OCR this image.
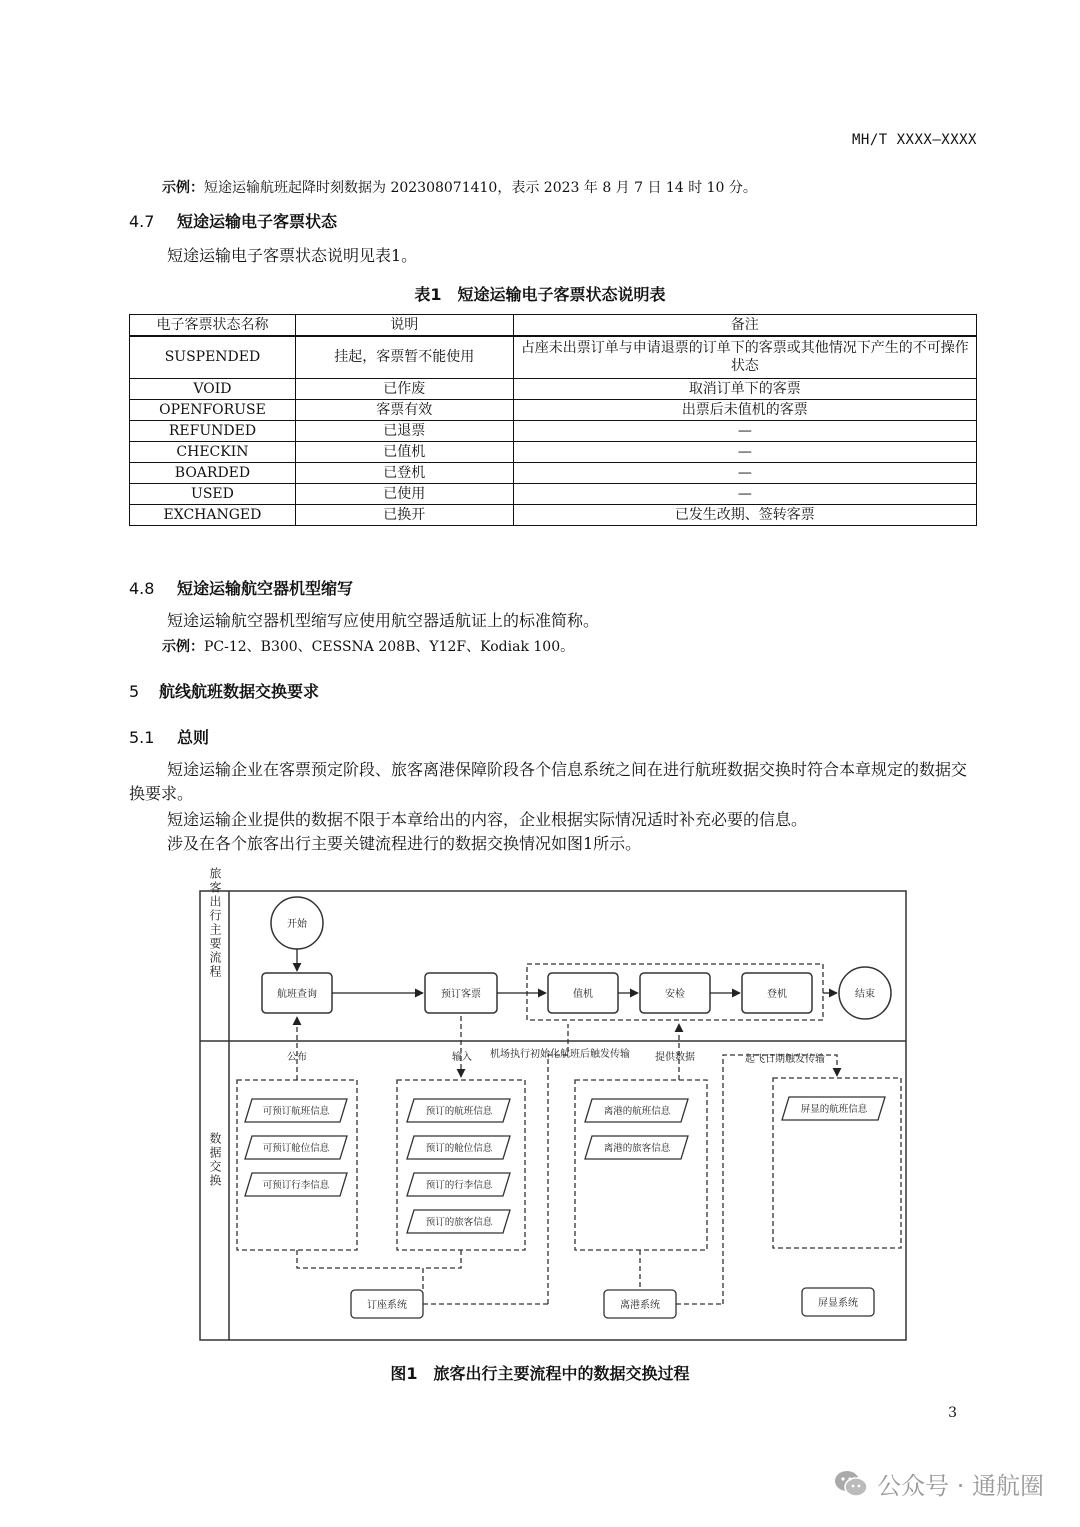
MH/T XXXX—XXXX
示例：短途运输航班起降时刻数据为 202308071410，表示 2023 年 8 月 7 日 14 时 10 分。
4.7 短途运输电子客票状态
短途运输电子客票状态说明见表1。
表1　短途运输电子客票状态说明表
电子客票状态名称	说明	备注
SUSPENDED	挂起，客票暂不能使用	占座未出票订单与申请退票的订单下的客票或其他情况下产生的不可操作状态
VOID	已作废	取消订单下的客票
OPENFORUSE	客票有效	出票后未值机的客票
REFUNDED	已退票	—
CHECKIN	已值机	—
BOARDED	已登机	—
USED	已使用	—
EXCHANGED	已换开	已发生改期、签转客票
4.8 短途运输航空器机型缩写
短途运输航空器机型缩写应使用航空器适航证上的标准简称。
示例：PC-12、B300、CESSNA 208B、Y12F、Kodiak 100。
5 航线航班数据交换要求
5.1 总则
短途运输企业在客票预定阶段、旅客离港保障阶段各个信息系统之间在进行航班数据交换时符合本章规定的数据交换要求。
短途运输企业提供的数据不限于本章给出的内容，企业根据实际情况适时补充必要的信息。
涉及在各个旅客出行主要关键流程进行的数据交换情况如图1所示。
旅客出行主要流程
数据交换
开始
结束
航班查询	预订客票	值机	安检	登机
公布	输入 机场执行初始化航班后触发传输	提供数据	起飞日期触发传输
可预订航班信息
可预订舱位信息
可预订行李信息
预订的航班信息
预订的舱位信息
预订的行李信息
预订的旅客信息
离港的航班信息
离港的旅客信息
屏显的航班信息
订座系统	离港系统	屏显系统
图1　旅客出行主要流程中的数据交换过程
3
公众号 · 通航圈
